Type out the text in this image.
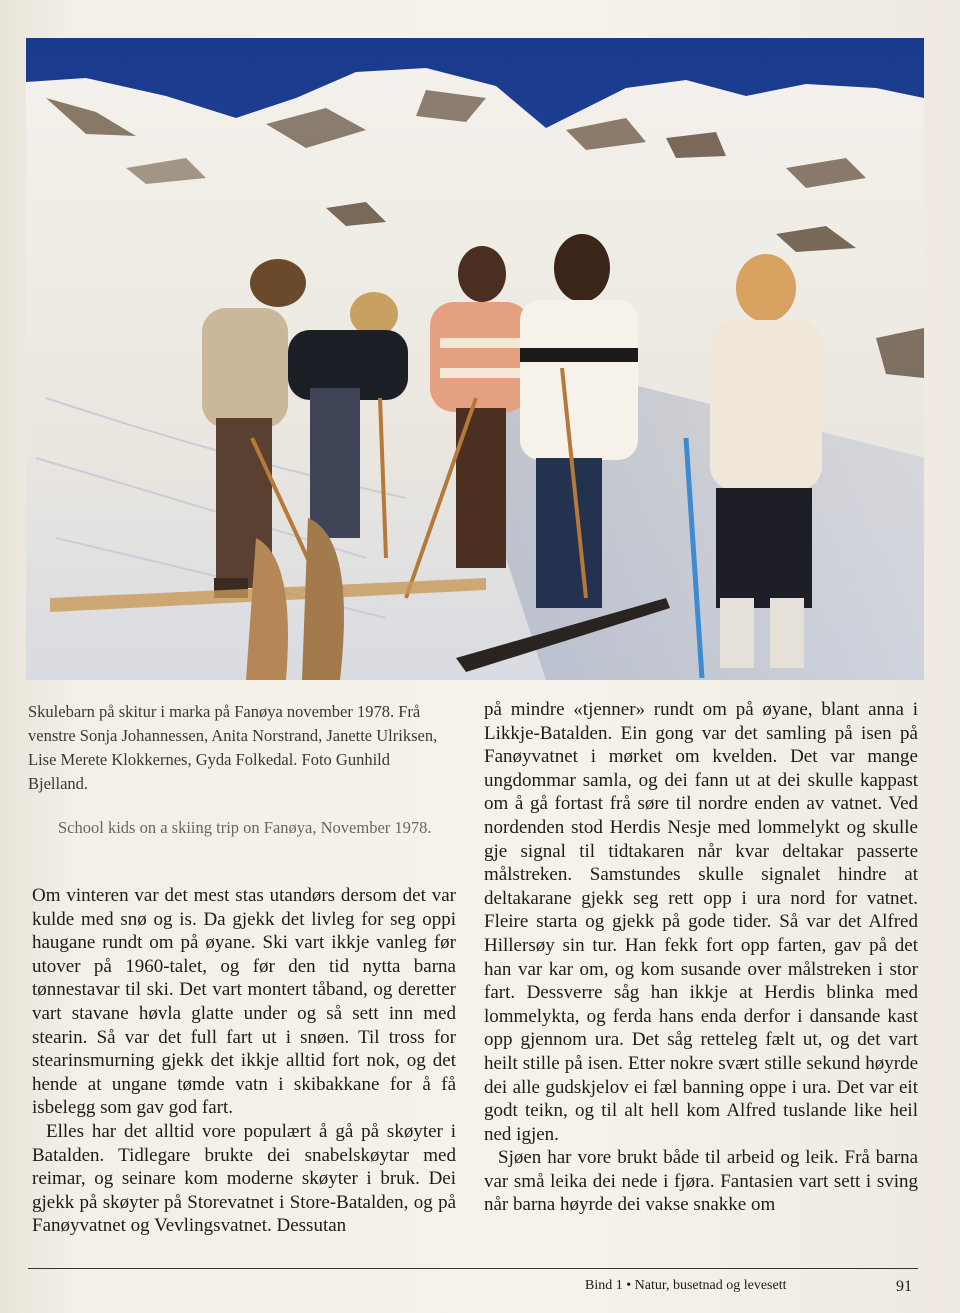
Skulebarn på skitur i marka på Fanøya november 1978. Frå venstre Sonja Johannessen, Anita Norstrand, Janette Ulriksen, Lise Merete Klokkernes, Gyda Folkedal. Foto Gunhild Bjelland.
School kids on a skiing trip on Fanøya, November 1978.

Om vinteren var det mest stas utandørs dersom det var kulde med snø og is. Da gjekk det livleg for seg oppi haugane rundt om på øyane. Ski vart ikkje vanleg før utover på 1960-talet, og før den tid nytta barna tønnestavar til ski. Det vart montert tåband, og deretter vart stavane høvla glatte under og så sett inn med stearin. Så var det full fart ut i snøen. Til tross for stearinsmurning gjekk det ikkje alltid fort nok, og det hende at ungane tømde vatn i skibakkane for å få isbelegg som gav god fart.

Elles har det alltid vore populært å gå på skøyter i Batalden. Tidlegare brukte dei snabelskøytar med reimar, og seinare kom moderne skøyter i bruk. Dei gjekk på skøyter på Storevatnet i Store-Batalden, og på Fanøyvatnet og Vevlingsvatnet. Dessutan

på mindre «tjenner» rundt om på øyane, blant anna i Likkje-Batalden. Ein gong var det samling på isen på Fanøyvatnet i mørket om kvelden. Det var mange ungdommar samla, og dei fann ut at dei skulle kappast om å gå fortast frå søre til nordre enden av vatnet. Ved nordenden stod Herdis Nesje med lommelykt og skulle gje signal til tidtakaren når kvar deltakar passerte målstreken. Samstundes skulle signalet hindre at deltakarane gjekk seg rett opp i ura nord for vatnet. Fleire starta og gjekk på gode tider. Så var det Alfred Hillersøy sin tur. Han fekk fort opp farten, gav på det han var kar om, og kom susande over målstreken i stor fart. Dessverre såg han ikkje at Herdis blinka med lommelykta, og ferda hans enda derfor i dansande kast opp gjennom ura. Det såg retteleg fælt ut, og det vart heilt stille på isen. Etter nokre svært stille sekund høyrde dei alle gudskjelov ei fæl banning oppe i ura. Det var eit godt teikn, og til alt hell kom Alfred tuslande like heil ned igjen.

Sjøen har vore brukt både til arbeid og leik. Frå barna var små leika dei nede i fjøra. Fantasien vart sett i sving når barna høyrde dei vakse snakke om

Bind 1 • Natur, busetnad og levesett	91
